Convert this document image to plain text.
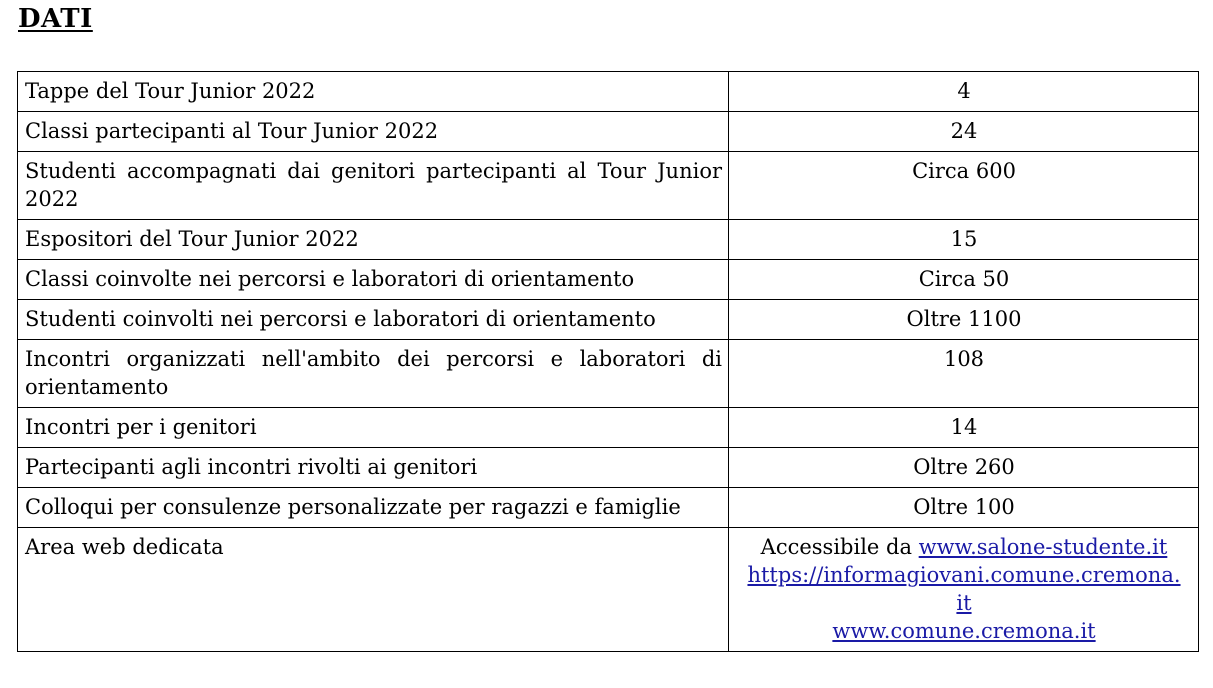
DATI
Tappe del Tour Junior 2022	4
Classi partecipanti al Tour Junior 2022	24
Studenti accompagnati dai genitori partecipanti al Tour Junior 2022	Circa 600
Espositori del Tour Junior 2022	15
Classi coinvolte nei percorsi e laboratori di orientamento	Circa 50
Studenti coinvolti nei percorsi e laboratori di orientamento	Oltre 1100
Incontri organizzati nell'ambito dei percorsi e laboratori di orientamento	108
Incontri per i genitori	14
Partecipanti agli incontri rivolti ai genitori	Oltre 260
Colloqui per consulenze personalizzate per ragazzi e famiglie	Oltre 100
Area web dedicata	Accessibile da www.salone-studente.it
https://informagiovani.comune.cremona.
it
www.comune.cremona.it
